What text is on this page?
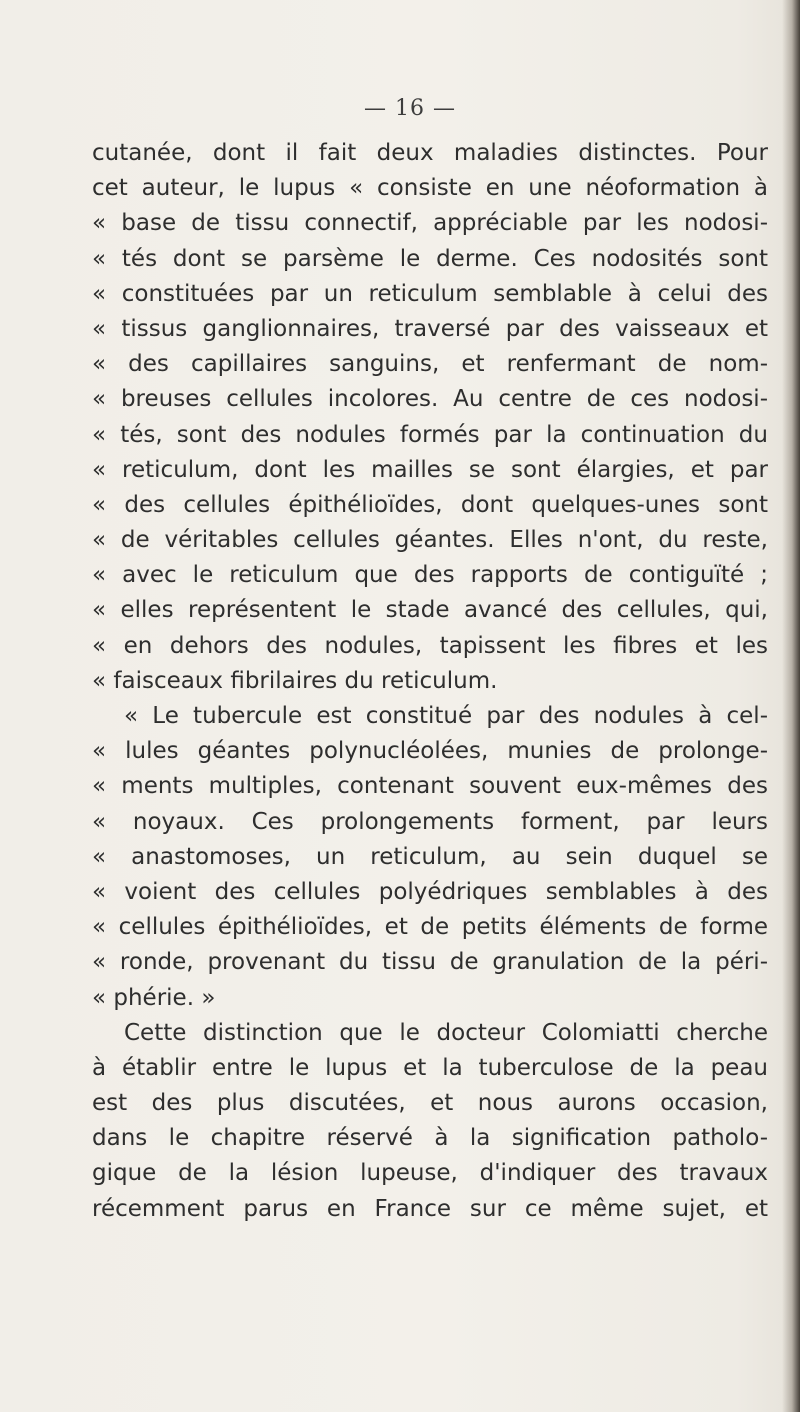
— 16 —
cutanée, dont il fait deux maladies distinctes. Pour
cet auteur, le lupus « consiste en une néoformation à
« base de tissu connectif, appréciable par les nodosi-
« tés dont se parsème le derme. Ces nodosités sont
« constituées par un reticulum semblable à celui des
« tissus ganglionnaires, traversé par des vaisseaux et
« des capillaires sanguins, et renfermant de nom-
« breuses cellules incolores. Au centre de ces nodosi-
« tés, sont des nodules formés par la continuation du
« reticulum, dont les mailles se sont élargies, et par
« des cellules épithélioïdes, dont quelques-unes sont
« de véritables cellules géantes. Elles n'ont, du reste,
« avec le reticulum que des rapports de contiguïté ;
« elles représentent le stade avancé des cellules, qui,
« en dehors des nodules, tapissent les fibres et les
« faisceaux fibrilaires du reticulum.
« Le tubercule est constitué par des nodules à cel-
« lules géantes polynucléolées, munies de prolonge-
« ments multiples, contenant souvent eux-mêmes des
« noyaux. Ces prolongements forment, par leurs
« anastomoses, un reticulum, au sein duquel se
« voient des cellules polyédriques semblables à des
« cellules épithélioïdes, et de petits éléments de forme
« ronde, provenant du tissu de granulation de la péri-
« phérie. »
Cette distinction que le docteur Colomiatti cherche
à établir entre le lupus et la tuberculose de la peau
est des plus discutées, et nous aurons occasion,
dans le chapitre réservé à la signification patholo-
gique de la lésion lupeuse, d'indiquer des travaux
récemment parus en France sur ce même sujet, et
